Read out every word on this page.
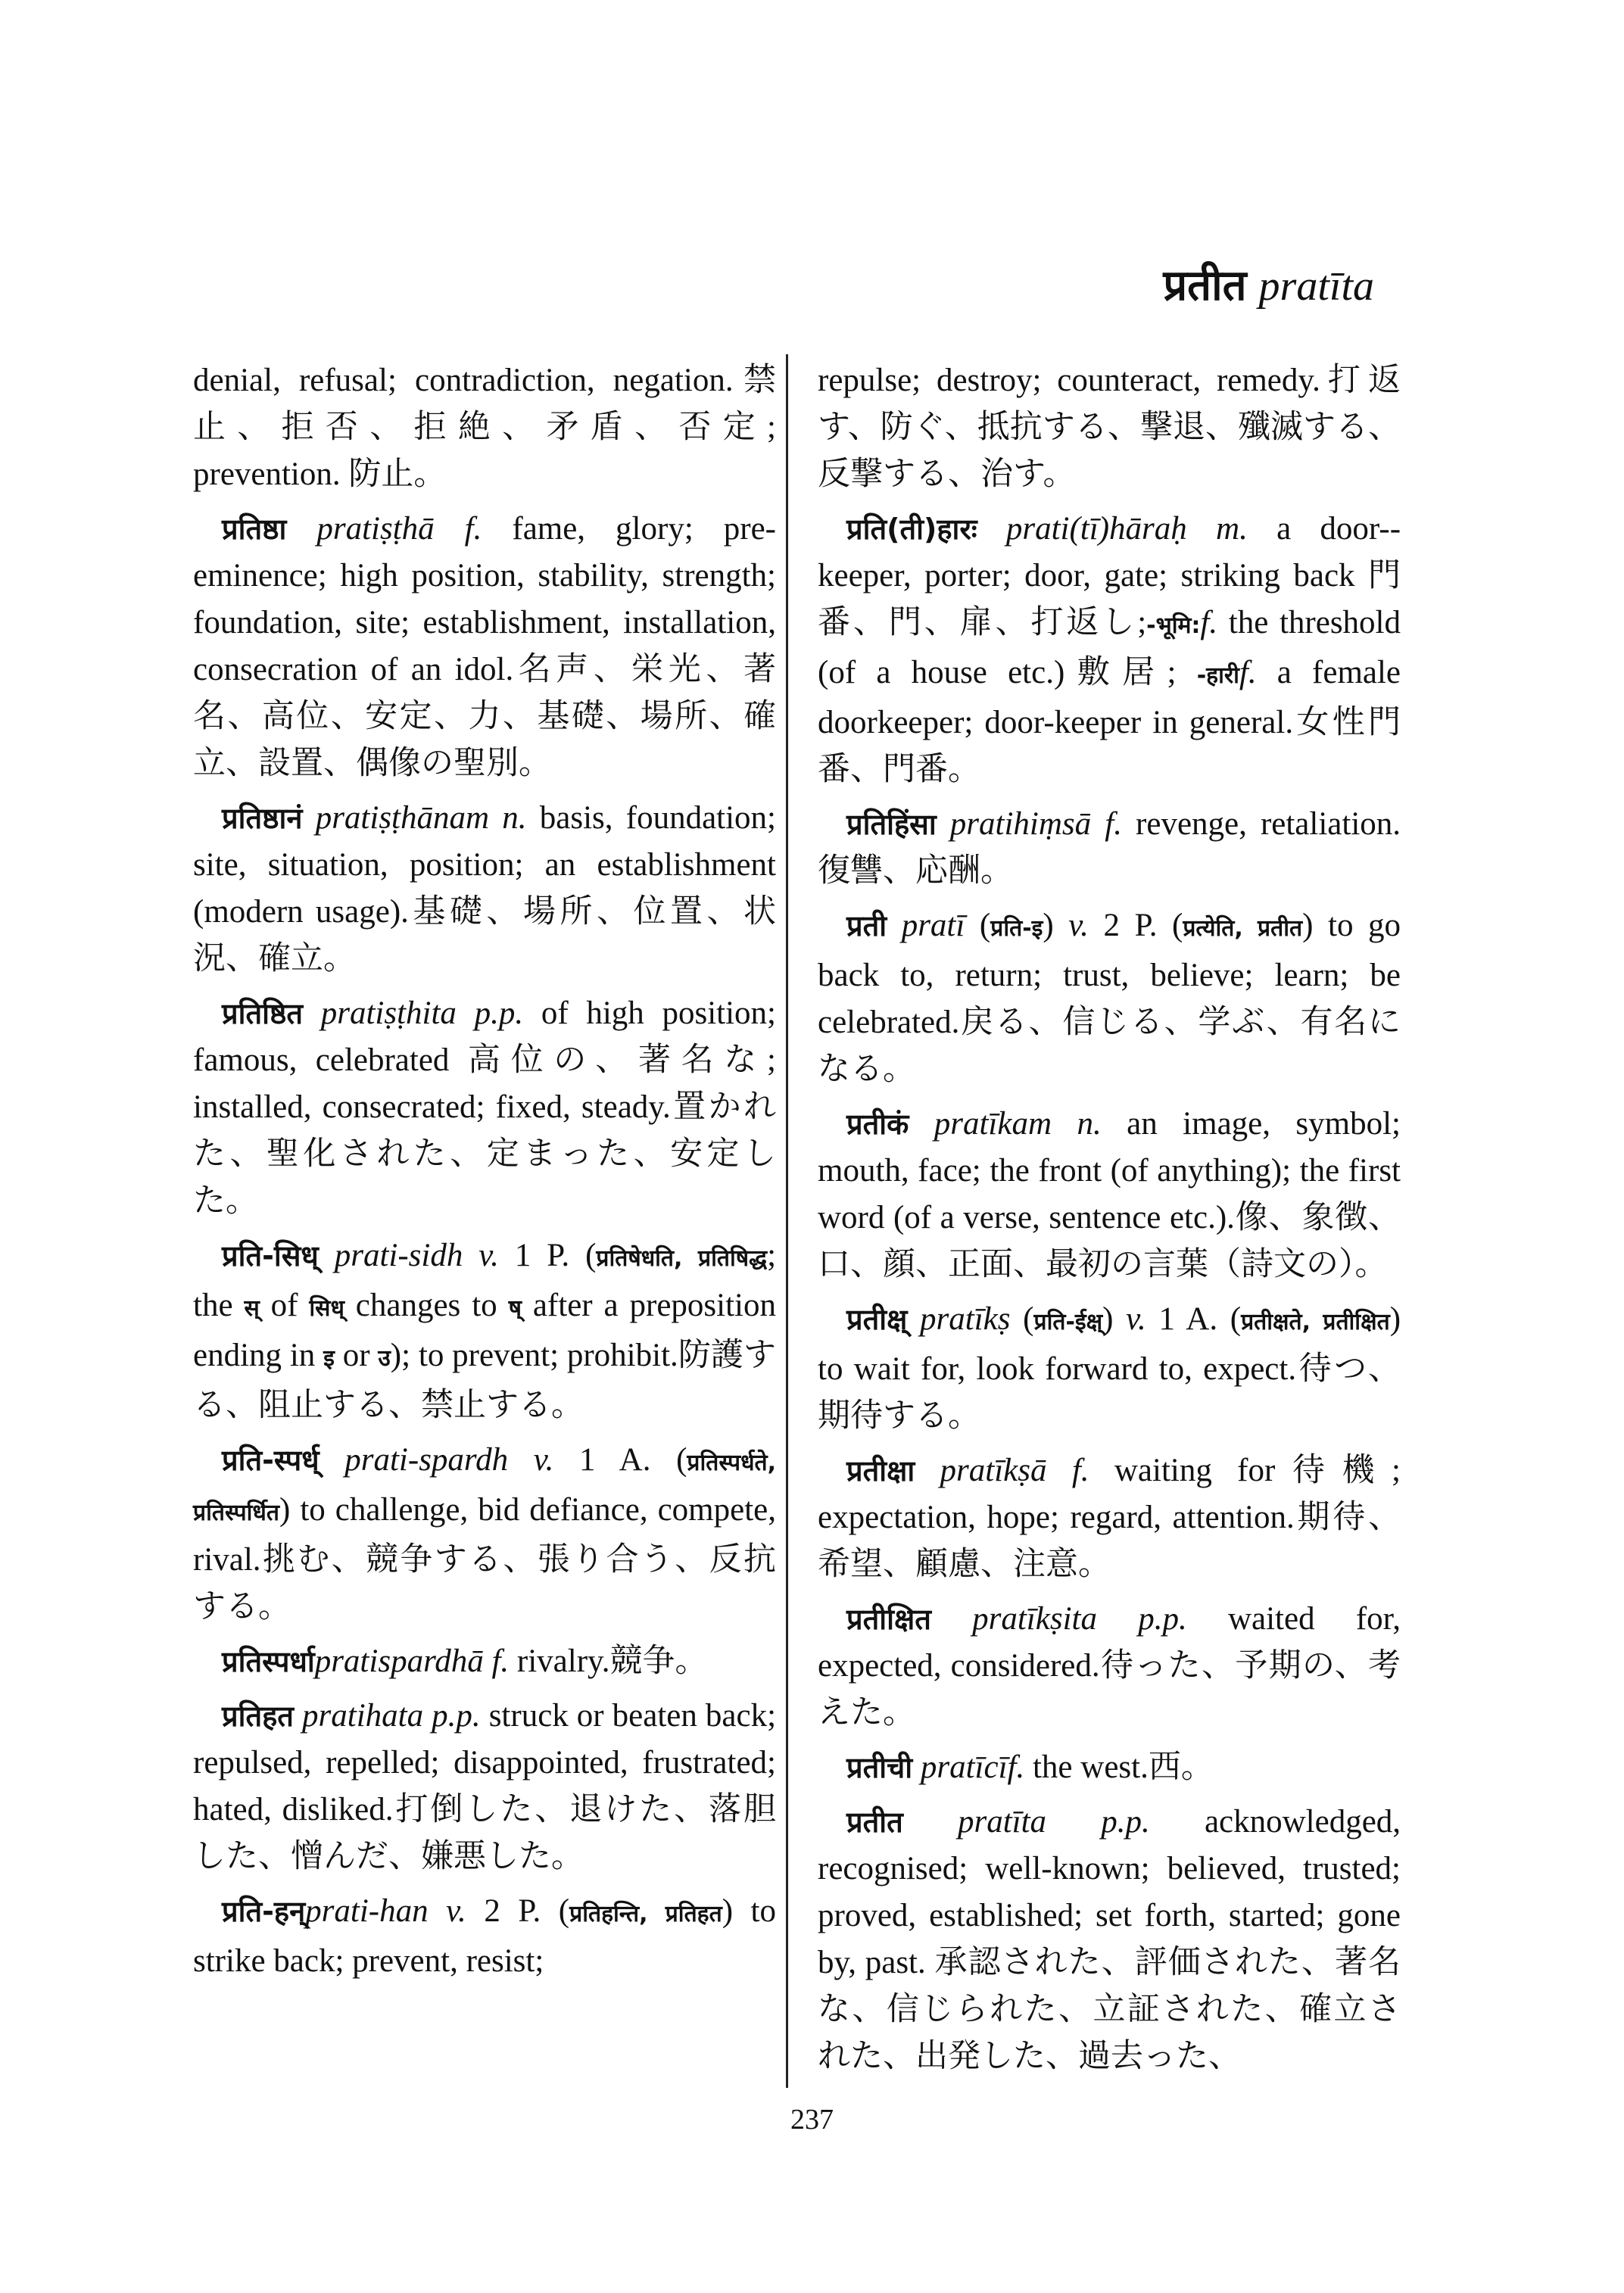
प्रतीत pratīta

denial, refusal; contradiction, negation.禁止、拒否、拒絶、矛盾、否定; prevention. 防止。

प्रतिष्ठा pratiṣṭhā f. fame, glory; pre-eminence; high position, stability, strength; foundation, site; establishment, installation, consecration of an idol.名声、栄光、著名、高位、安定、力、基礎、場所、確立、設置、偶像の聖別。

प्रतिष्ठानं pratiṣṭhānam n. basis, foundation; site, situation, position; an establishment (modern usage).基礎、場所、位置、状況、確立。

प्रतिष्ठित pratiṣṭhita p.p. of high position; famous, celebrated 高位の、著名な; installed, consecrated; fixed, steady.置かれた、聖化された、定まった、安定した。

प्रति-सिध् prati-sidh v. 1 P. (प्रतिषेधति, प्रतिषिद्ध; the स् of सिध् changes to ष् after a preposition ending in इ or उ); to prevent; prohibit.防護する、阻止する、禁止する。

प्रति-स्पर्ध् prati-spardh v. 1 A. (प्रतिस्पर्धते, प्रतिस्पर्धित) to challenge, bid defiance, compete, rival.挑む、競争する、張り合う、反抗する。

प्रतिस्पर्धाpratispardhā f. rivalry.競争。

प्रतिहत pratihata p.p. struck or beaten back; repulsed, repelled; disappointed, frustrated; hated, disliked.打倒した、退けた、落胆した、憎んだ、嫌悪した。

प्रति-हन्prati-han v. 2 P. (प्रतिहन्ति, प्रतिहत) to strike back; prevent, resist;

repulse; destroy; counteract, remedy.打返す、防ぐ、抵抗する、撃退、殲滅する、反撃する、治す。

प्रति(ती)हारः prati(tī)hāraḥ m. a door--keeper, porter; door, gate; striking back 門番、門、扉、打返し;-भूमि:f. the threshold (of a house etc.)敷居; -हारीf. a female doorkeeper; door-keeper in general.女性門番、門番。

प्रतिहिंसा pratihiṃsā f. revenge, retaliation.復讐、応酬。

प्रती pratī (प्रति-इ) v. 2 P. (प्रत्येति, प्रतीत) to go back to, return; trust, believe; learn; be celebrated.戻る、信じる、学ぶ、有名になる。

प्रतीकं pratīkam n. an image, symbol; mouth, face; the front (of anything); the first word (of a verse, sentence etc.).像、象徴、口、顔、正面、最初の言葉（詩文の）。

प्रतीक्ष् pratīkṣ (प्रति-ईक्ष्) v. 1 A. (प्रतीक्षते, प्रतीक्षित) to wait for, look forward to, expect.待つ、期待する。

प्रतीक्षा pratīkṣā f. waiting for待機; expectation, hope; regard, attention.期待、希望、顧慮、注意。

प्रतीक्षित pratīkṣita p.p. waited for, expected, considered.待った、予期の、考えた。

प्रतीची pratīcīf. the west.西。

प्रतीत pratīta p.p. acknowledged, recognised; well-known; believed, trusted; proved, established; set forth, started; gone by, past. 承認された、評価された、著名な、信じられた、立証された、確立された、出発した、過去った、

237
